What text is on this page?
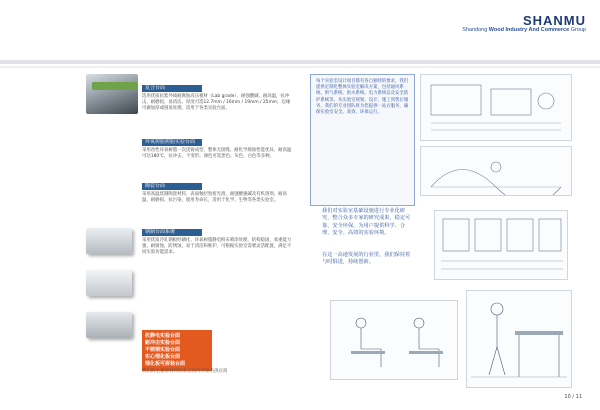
SHANMU
Shandong Wood Industry And Commerce Group
复合台面
选用优质抗紫外线耐腐蚀高压板材（Lab grade），耐强酸碱，耐高温，抗冲击，耐磨损，易清洁。厚度可选12.7mm / 16mm / 19mm / 25mm，边缘可做加厚或圆角处理，适用于各类实验台面。
环氧树脂树脂实验台面
采用改性环氧树脂一次浇铸成型，整体无接缝，耐化学腐蚀性能优异，耐高温可达180℃，抗冲击，不变形。颜色可选黑色、灰色、白色等多种。
陶瓷台面
采用高温烧制陶瓷材料，表面釉层致密光滑，耐强酸强碱及有机溶剂，耐高温、耐磨损、抗污染，使用寿命长，适用于化学、生物等各类实验室。
钢制台面系统
采用优质冷轧钢板经磷化、环氧树脂静电粉末喷涂处理，结构稳固，承重能力强，耐腐蚀，防锈蚀，易于清洁和维护。可根据实验室需要灵活配置，满足不同实验功能需求。
抗静电实验台面
耐冲击实验台面
不锈钢实验台面
实心理化板台面
理化板可拼装台面
我们的主要原材料均来自国内外知名供应商
每个实验室设计项目都有各自独特的要求，我们提供定制化整体实验室解决方案，包括通风系统、供气系统、供水系统、电力系统以及安全防护系统等。从实验室规划、设计、施工到售后服务，我们的专业团队将为您提供一站式服务，确保实验室安全、高效、环保运行。
我们对实验室基础设施进行专业化研究，整合众多专家的研究成果，稳定可靠，安全环保，为用户提供科学、合理、安全、高效的实验环境。
在这一高速发展的行业里，我们保持着与时俱进，持续创新。
10 / 11
